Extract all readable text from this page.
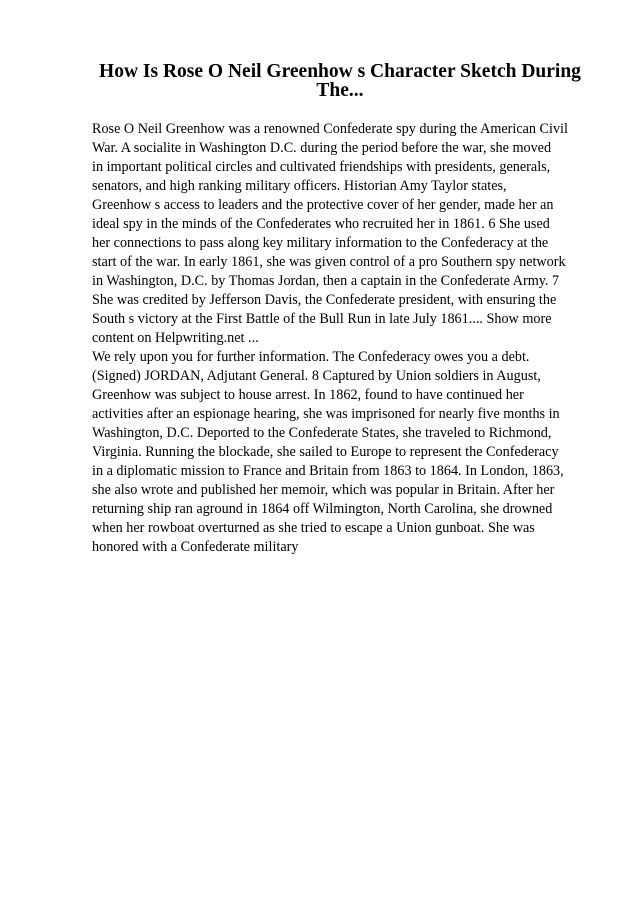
How Is Rose O Neil Greenhow s Character Sketch During
The...
Rose O Neil Greenhow was a renowned Confederate spy during the American Civil
War. A socialite in Washington D.C. during the period before the war, she moved
in important political circles and cultivated friendships with presidents, generals,
senators, and high ranking military officers. Historian Amy Taylor states,
Greenhow s access to leaders and the protective cover of her gender, made her an
ideal spy in the minds of the Confederates who recruited her in 1861. 6 She used
her connections to pass along key military information to the Confederacy at the
start of the war. In early 1861, she was given control of a pro Southern spy network
in Washington, D.C. by Thomas Jordan, then a captain in the Confederate Army. 7
She was credited by Jefferson Davis, the Confederate president, with ensuring the
South s victory at the First Battle of the Bull Run in late July 1861.... Show more
content on Helpwriting.net ...
We rely upon you for further information. The Confederacy owes you a debt.
(Signed) JORDAN, Adjutant General. 8 Captured by Union soldiers in August,
Greenhow was subject to house arrest. In 1862, found to have continued her
activities after an espionage hearing, she was imprisoned for nearly five months in
Washington, D.C. Deported to the Confederate States, she traveled to Richmond,
Virginia. Running the blockade, she sailed to Europe to represent the Confederacy
in a diplomatic mission to France and Britain from 1863 to 1864. In London, 1863,
she also wrote and published her memoir, which was popular in Britain. After her
returning ship ran aground in 1864 off Wilmington, North Carolina, she drowned
when her rowboat overturned as she tried to escape a Union gunboat. She was
honored with a Confederate military
